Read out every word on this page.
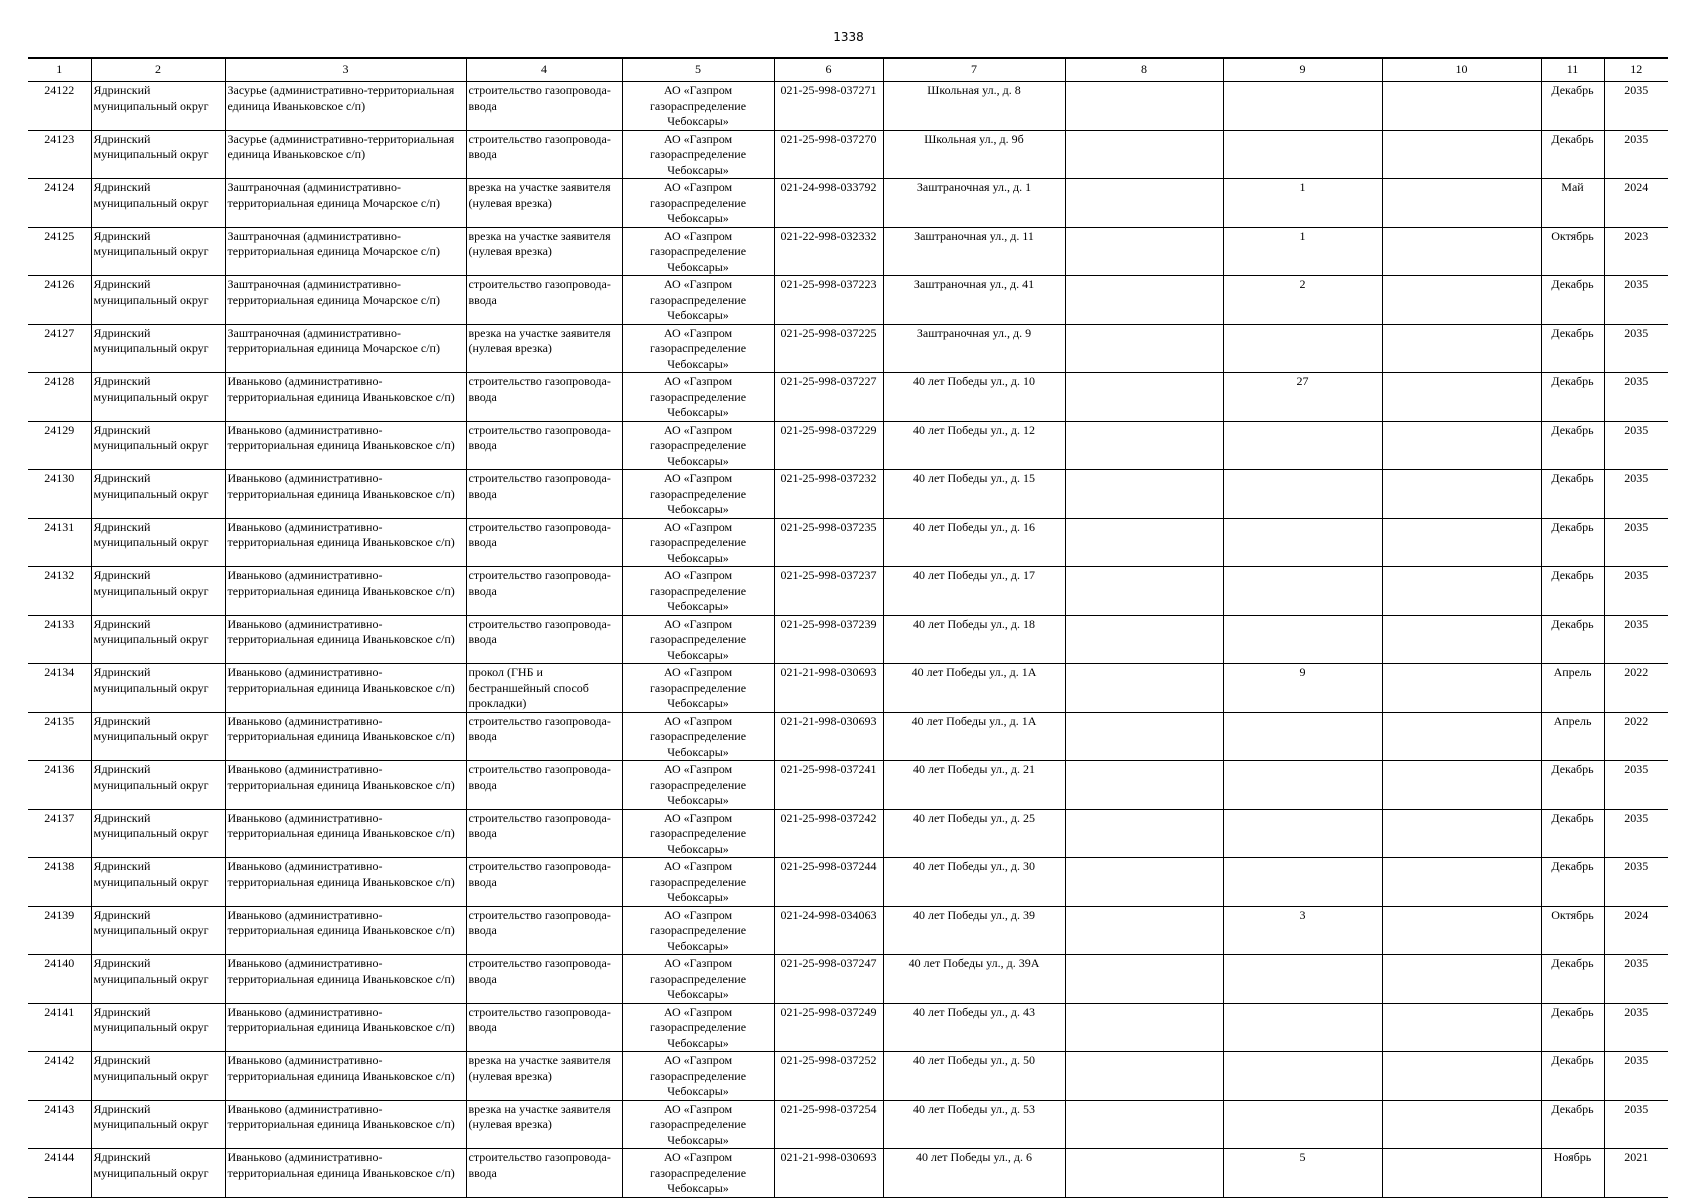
1338
1	2	3	4	5	6	7	8	9	10	11	12
24122	Ядринский муниципальный округ	Засурье (административно-территориальная единица Иваньковское с/п)	строительство газопровода-ввода	АО «Газпром газораспределение Чебоксары»	021-25-998-037271	Школьная ул., д. 8				Декабрь	2035
24123	Ядринский муниципальный округ	Засурье (административно-территориальная единица Иваньковское с/п)	строительство газопровода-ввода	АО «Газпром газораспределение Чебоксары»	021-25-998-037270	Школьная ул., д. 9б				Декабрь	2035
24124	Ядринский муниципальный округ	Заштраночная (административно-территориальная единица Мочарское с/п)	врезка на участке заявителя (нулевая врезка)	АО «Газпром газораспределение Чебоксары»	021-24-998-033792	Заштраночная ул., д. 1		1		Май	2024
24125	Ядринский муниципальный округ	Заштраночная (административно-территориальная единица Мочарское с/п)	врезка на участке заявителя (нулевая врезка)	АО «Газпром газораспределение Чебоксары»	021-22-998-032332	Заштраночная ул., д. 11		1		Октябрь	2023
24126	Ядринский муниципальный округ	Заштраночная (административно-территориальная единица Мочарское с/п)	строительство газопровода-ввода	АО «Газпром газораспределение Чебоксары»	021-25-998-037223	Заштраночная ул., д. 41		2		Декабрь	2035
24127	Ядринский муниципальный округ	Заштраночная (административно-территориальная единица Мочарское с/п)	врезка на участке заявителя (нулевая врезка)	АО «Газпром газораспределение Чебоксары»	021-25-998-037225	Заштраночная ул., д. 9				Декабрь	2035
24128	Ядринский муниципальный округ	Иваньково (административно-территориальная единица Иваньковское с/п)	строительство газопровода-ввода	АО «Газпром газораспределение Чебоксары»	021-25-998-037227	40 лет Победы ул., д. 10		27		Декабрь	2035
24129	Ядринский муниципальный округ	Иваньково (административно-территориальная единица Иваньковское с/п)	строительство газопровода-ввода	АО «Газпром газораспределение Чебоксары»	021-25-998-037229	40 лет Победы ул., д. 12				Декабрь	2035
24130	Ядринский муниципальный округ	Иваньково (административно-территориальная единица Иваньковское с/п)	строительство газопровода-ввода	АО «Газпром газораспределение Чебоксары»	021-25-998-037232	40 лет Победы ул., д. 15				Декабрь	2035
24131	Ядринский муниципальный округ	Иваньково (административно-территориальная единица Иваньковское с/п)	строительство газопровода-ввода	АО «Газпром газораспределение Чебоксары»	021-25-998-037235	40 лет Победы ул., д. 16				Декабрь	2035
24132	Ядринский муниципальный округ	Иваньково (административно-территориальная единица Иваньковское с/п)	строительство газопровода-ввода	АО «Газпром газораспределение Чебоксары»	021-25-998-037237	40 лет Победы ул., д. 17				Декабрь	2035
24133	Ядринский муниципальный округ	Иваньково (административно-территориальная единица Иваньковское с/п)	строительство газопровода-ввода	АО «Газпром газораспределение Чебоксары»	021-25-998-037239	40 лет Победы ул., д. 18				Декабрь	2035
24134	Ядринский муниципальный округ	Иваньково (административно-территориальная единица Иваньковское с/п)	прокол (ГНБ и бестраншейный способ прокладки)	АО «Газпром газораспределение Чебоксары»	021-21-998-030693	40 лет Победы ул., д. 1А		9		Апрель	2022
24135	Ядринский муниципальный округ	Иваньково (административно-территориальная единица Иваньковское с/п)	строительство газопровода-ввода	АО «Газпром газораспределение Чебоксары»	021-21-998-030693	40 лет Победы ул., д. 1А				Апрель	2022
24136	Ядринский муниципальный округ	Иваньково (административно-территориальная единица Иваньковское с/п)	строительство газопровода-ввода	АО «Газпром газораспределение Чебоксары»	021-25-998-037241	40 лет Победы ул., д. 21				Декабрь	2035
24137	Ядринский муниципальный округ	Иваньково (административно-территориальная единица Иваньковское с/п)	строительство газопровода-ввода	АО «Газпром газораспределение Чебоксары»	021-25-998-037242	40 лет Победы ул., д. 25				Декабрь	2035
24138	Ядринский муниципальный округ	Иваньково (административно-территориальная единица Иваньковское с/п)	строительство газопровода-ввода	АО «Газпром газораспределение Чебоксары»	021-25-998-037244	40 лет Победы ул., д. 30				Декабрь	2035
24139	Ядринский муниципальный округ	Иваньково (административно-территориальная единица Иваньковское с/п)	строительство газопровода-ввода	АО «Газпром газораспределение Чебоксары»	021-24-998-034063	40 лет Победы ул., д. 39		3		Октябрь	2024
24140	Ядринский муниципальный округ	Иваньково (административно-территориальная единица Иваньковское с/п)	строительство газопровода-ввода	АО «Газпром газораспределение Чебоксары»	021-25-998-037247	40 лет Победы ул., д. 39А				Декабрь	2035
24141	Ядринский муниципальный округ	Иваньково (административно-территориальная единица Иваньковское с/п)	строительство газопровода-ввода	АО «Газпром газораспределение Чебоксары»	021-25-998-037249	40 лет Победы ул., д. 43				Декабрь	2035
24142	Ядринский муниципальный округ	Иваньково (административно-территориальная единица Иваньковское с/п)	врезка на участке заявителя (нулевая врезка)	АО «Газпром газораспределение Чебоксары»	021-25-998-037252	40 лет Победы ул., д. 50				Декабрь	2035
24143	Ядринский муниципальный округ	Иваньково (административно-территориальная единица Иваньковское с/п)	врезка на участке заявителя (нулевая врезка)	АО «Газпром газораспределение Чебоксары»	021-25-998-037254	40 лет Победы ул., д. 53				Декабрь	2035
24144	Ядринский муниципальный округ	Иваньково (административно-территориальная единица Иваньковское с/п)	строительство газопровода-ввода	АО «Газпром газораспределение Чебоксары»	021-21-998-030693	40 лет Победы ул., д. 6		5		Ноябрь	2021
